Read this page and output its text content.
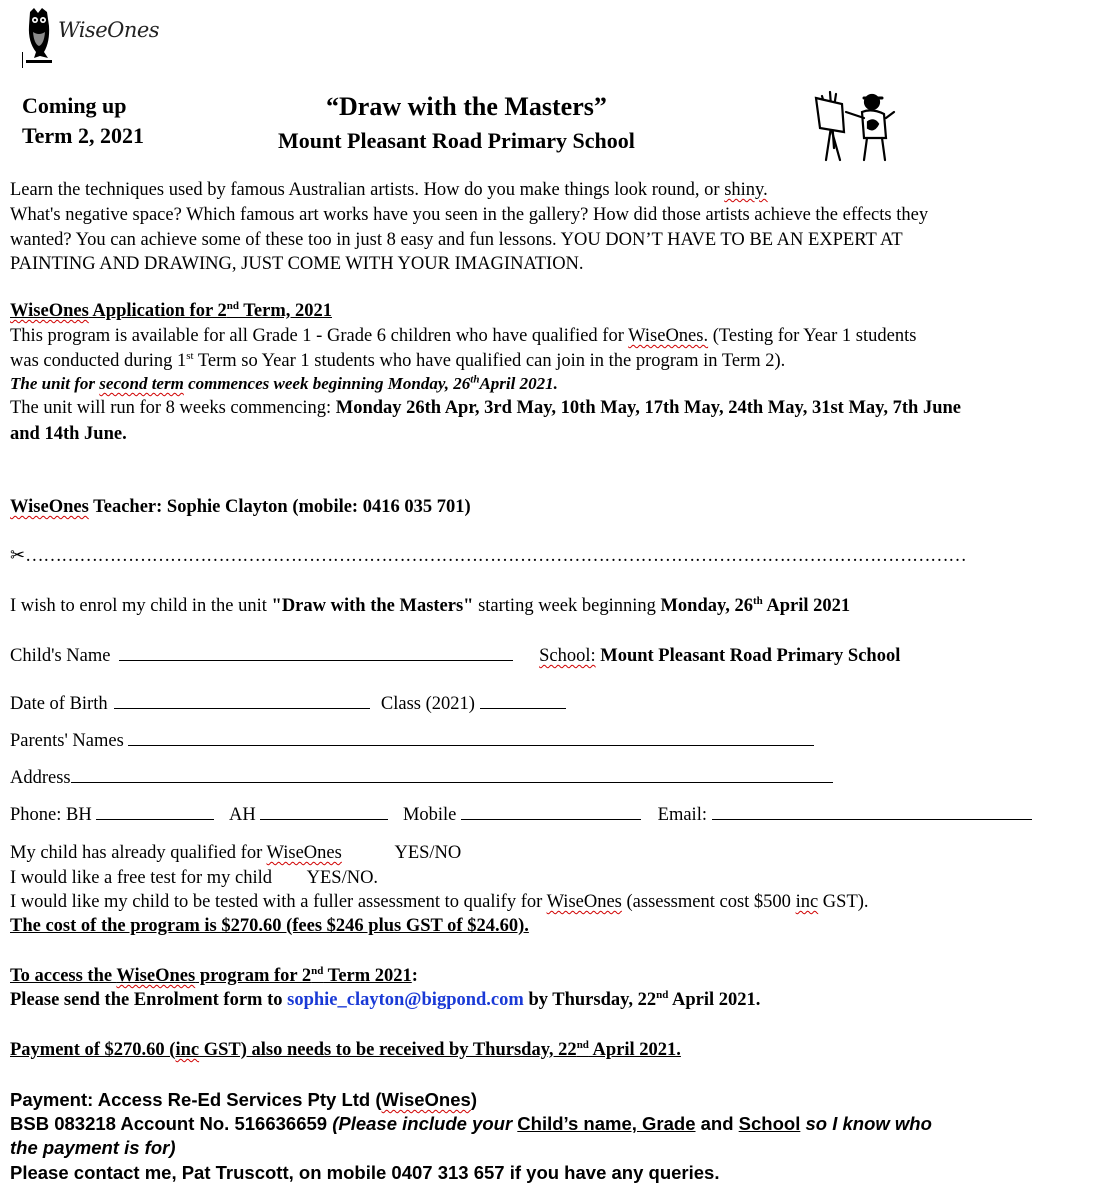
WiseOnes
Coming up
Term 2, 2021
“Draw with the Masters”
Mount Pleasant Road Primary School
Learn the techniques used by famous Australian artists. How do you make things look round, or shiny.
What's negative space? Which famous art works have you seen in the gallery? How did those artists achieve the effects they
wanted? You can achieve some of these too in just 8 easy and fun lessons. YOU DON’T HAVE TO BE AN EXPERT AT
PAINTING AND DRAWING, JUST COME WITH YOUR IMAGINATION.
WiseOnes Application for 2nd Term, 2021
This program is available for all Grade 1 - Grade 6 children who have qualified for WiseOnes. (Testing for Year 1 students
was conducted during 1st Term so Year 1 students who have qualified can join in the program in Term 2).
The unit for second term commences week beginning Monday, 26thApril 2021.
The unit will run for 8 weeks commencing: Monday 26th Apr, 3rd May, 10th May, 17th May, 24th May, 31st May, 7th June
and 14th June.
WiseOnes Teacher: Sophie Clayton (mobile: 0416 035 701)
✂…………………………………………………………………………………………………………………………………………
I wish to enrol my child in the unit "Draw with the Masters" starting week beginning Monday, 26th April 2021
Child's Name	School: Mount Pleasant Road Primary School
Date of Birth	Class (2021)
Parents' Names
Address
Phone: BH	AH	Mobile	Email:
My child has already qualified for WiseOnes	YES/NO
I would like a free test for my child YES/NO.
I would like my child to be tested with a fuller assessment to qualify for WiseOnes (assessment cost $500 inc GST).
The cost of the program is $270.60 (fees $246 plus GST of $24.60).
To access the WiseOnes program for 2nd Term 2021:
Please send the Enrolment form to sophie_clayton@bigpond.com by Thursday, 22nd April 2021.
Payment of $270.60 (inc GST) also needs to be received by Thursday, 22nd April 2021.
Payment: Access Re-Ed Services Pty Ltd (WiseOnes)
BSB 083218 Account No. 516636659 (Please include your Child’s name, Grade and School so I know who
the payment is for)
Please contact me, Pat Truscott, on mobile 0407 313 657 if you have any queries.
